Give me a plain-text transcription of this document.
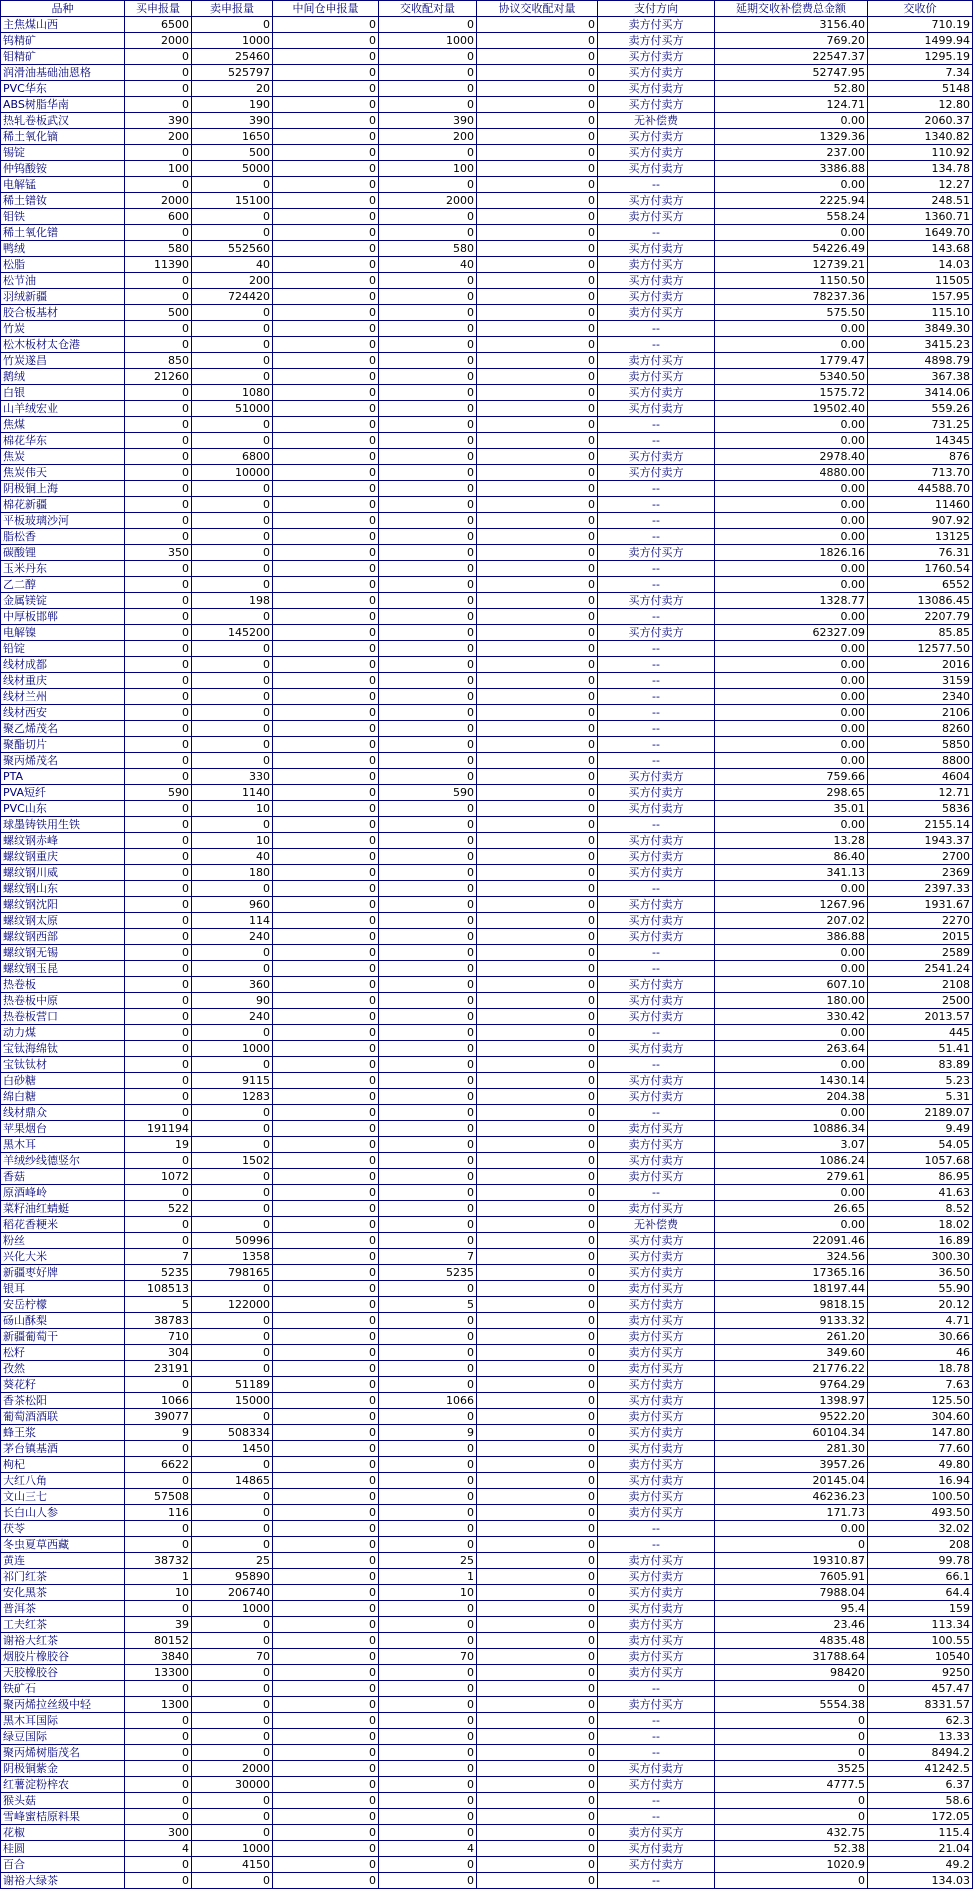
品种	买申报量	卖申报量	中间仓申报量	交收配对量	协议交收配对量	支付方向	延期交收补偿费总金额	交收价
主焦煤山西	6500	0	0	0	0	卖方付买方	3156.40	710.19
钨精矿	2000	1000	0	1000	0	卖方付买方	769.20	1499.94
钼精矿	0	25460	0	0	0	买方付卖方	22547.37	1295.19
润滑油基础油恩格	0	525797	0	0	0	买方付卖方	52747.95	7.34
PVC华东	0	20	0	0	0	买方付卖方	52.80	5148
ABS树脂华南	0	190	0	0	0	买方付卖方	124.71	12.80
热轧卷板武汉	390	390	0	390	0	无补偿费	0.00	2060.37
稀土氧化镝	200	1650	0	200	0	买方付卖方	1329.36	1340.82
锡锭	0	500	0	0	0	买方付卖方	237.00	110.92
仲钨酸铵	100	5000	0	100	0	买方付卖方	3386.88	134.78
电解锰	0	0	0	0	0	--	0.00	12.27
稀土镨钕	2000	15100	0	2000	0	买方付卖方	2225.94	248.51
钼铁	600	0	0	0	0	卖方付买方	558.24	1360.71
稀土氧化镨	0	0	0	0	0	--	0.00	1649.70
鸭绒	580	552560	0	580	0	买方付卖方	54226.49	143.68
松脂	11390	40	0	40	0	卖方付买方	12739.21	14.03
松节油	0	200	0	0	0	买方付卖方	1150.50	11505
羽绒新疆	0	724420	0	0	0	买方付卖方	78237.36	157.95
胶合板基材	500	0	0	0	0	卖方付买方	575.50	115.10
竹炭	0	0	0	0	0	--	0.00	3849.30
松木板材太仓港	0	0	0	0	0	--	0.00	3415.23
竹炭遂昌	850	0	0	0	0	卖方付买方	1779.47	4898.79
鹅绒	21260	0	0	0	0	卖方付买方	5340.50	367.38
白银	0	1080	0	0	0	买方付卖方	1575.72	3414.06
山羊绒宏业	0	51000	0	0	0	买方付卖方	19502.40	559.26
焦煤	0	0	0	0	0	--	0.00	731.25
棉花华东	0	0	0	0	0	--	0.00	14345
焦炭	0	6800	0	0	0	买方付卖方	2978.40	876
焦炭伟天	0	10000	0	0	0	买方付卖方	4880.00	713.70
阴极铜上海	0	0	0	0	0	--	0.00	44588.70
棉花新疆	0	0	0	0	0	--	0.00	11460
平板玻璃沙河	0	0	0	0	0	--	0.00	907.92
脂松香	0	0	0	0	0	--	0.00	13125
碳酸锂	350	0	0	0	0	卖方付买方	1826.16	76.31
玉米丹东	0	0	0	0	0	--	0.00	1760.54
乙二醇	0	0	0	0	0	--	0.00	6552
金属镁锭	0	198	0	0	0	买方付卖方	1328.77	13086.45
中厚板邯郸	0	0	0	0	0	--	0.00	2207.79
电解镍	0	145200	0	0	0	买方付卖方	62327.09	85.85
铅锭	0	0	0	0	0	--	0.00	12577.50
线材成都	0	0	0	0	0	--	0.00	2016
线材重庆	0	0	0	0	0	--	0.00	3159
线材兰州	0	0	0	0	0	--	0.00	2340
线材西安	0	0	0	0	0	--	0.00	2106
聚乙烯茂名	0	0	0	0	0	--	0.00	8260
聚酯切片	0	0	0	0	0	--	0.00	5850
聚丙烯茂名	0	0	0	0	0	--	0.00	8800
PTA	0	330	0	0	0	买方付卖方	759.66	4604
PVA短纤	590	1140	0	590	0	买方付卖方	298.65	12.71
PVC山东	0	10	0	0	0	买方付卖方	35.01	5836
球墨铸铁用生铁	0	0	0	0	0	--	0.00	2155.14
螺纹钢赤峰	0	10	0	0	0	买方付卖方	13.28	1943.37
螺纹钢重庆	0	40	0	0	0	买方付卖方	86.40	2700
螺纹钢川威	0	180	0	0	0	买方付卖方	341.13	2369
螺纹钢山东	0	0	0	0	0	--	0.00	2397.33
螺纹钢沈阳	0	960	0	0	0	买方付卖方	1267.96	1931.67
螺纹钢太原	0	114	0	0	0	买方付卖方	207.02	2270
螺纹钢西部	0	240	0	0	0	买方付卖方	386.88	2015
螺纹钢无锡	0	0	0	0	0	--	0.00	2589
螺纹钢玉昆	0	0	0	0	0	--	0.00	2541.24
热卷板	0	360	0	0	0	买方付卖方	607.10	2108
热卷板中原	0	90	0	0	0	买方付卖方	180.00	2500
热卷板营口	0	240	0	0	0	买方付卖方	330.42	2013.57
动力煤	0	0	0	0	0	--	0.00	445
宝钛海绵钛	0	1000	0	0	0	买方付卖方	263.64	51.41
宝钛钛材	0	0	0	0	0	--	0.00	83.89
白砂糖	0	9115	0	0	0	买方付卖方	1430.14	5.23
绵白糖	0	1283	0	0	0	买方付卖方	204.38	5.31
线材鼎众	0	0	0	0	0	--	0.00	2189.07
苹果烟台	191194	0	0	0	0	卖方付买方	10886.34	9.49
黑木耳	19	0	0	0	0	卖方付买方	3.07	54.05
羊绒纱线德竖尔	0	1502	0	0	0	买方付卖方	1086.24	1057.68
香菇	1072	0	0	0	0	卖方付买方	279.61	86.95
原酒峰岭	0	0	0	0	0	--	0.00	41.63
菜籽油红蜻蜓	522	0	0	0	0	卖方付买方	26.65	8.52
稻花香粳米	0	0	0	0	0	无补偿费	0.00	18.02
粉丝	0	50996	0	0	0	买方付卖方	22091.46	16.89
兴化大米	7	1358	0	7	0	买方付卖方	324.56	300.30
新疆枣好牌	5235	798165	0	5235	0	买方付卖方	17365.16	36.50
银耳	108513	0	0	0	0	卖方付买方	18197.44	55.90
安岳柠檬	5	122000	0	5	0	买方付卖方	9818.15	20.12
砀山酥梨	38783	0	0	0	0	卖方付买方	9133.32	4.71
新疆葡萄干	710	0	0	0	0	卖方付买方	261.20	30.66
松籽	304	0	0	0	0	卖方付买方	349.60	46
孜然	23191	0	0	0	0	卖方付买方	21776.22	18.78
葵花籽	0	51189	0	0	0	买方付卖方	9764.29	7.63
香茶松阳	1066	15000	0	1066	0	买方付卖方	1398.97	125.50
葡萄酒酒联	39077	0	0	0	0	卖方付买方	9522.20	304.60
蜂王浆	9	508334	0	9	0	买方付卖方	60104.34	147.80
茅台镇基酒	0	1450	0	0	0	买方付卖方	281.30	77.60
枸杞	6622	0	0	0	0	卖方付买方	3957.26	49.80
大红八角	0	14865	0	0	0	买方付卖方	20145.04	16.94
文山三七	57508	0	0	0	0	卖方付买方	46236.23	100.50
长白山人参	116	0	0	0	0	卖方付买方	171.73	493.50
茯苓	0	0	0	0	0	--	0.00	32.02
冬虫夏草西藏	0	0	0	0	0	--	0	208
黄连	38732	25	0	25	0	卖方付买方	19310.87	99.78
祁门红茶	1	95890	0	1	0	买方付卖方	7605.91	66.1
安化黑茶	10	206740	0	10	0	买方付卖方	7988.04	64.4
普洱茶	0	1000	0	0	0	买方付卖方	95.4	159
工夫红茶	39	0	0	0	0	卖方付买方	23.46	113.34
谢裕大红茶	80152	0	0	0	0	卖方付买方	4835.48	100.55
烟胶片橡胶谷	3840	70	0	70	0	卖方付买方	31788.64	10540
天胶橡胶谷	13300	0	0	0	0	卖方付买方	98420	9250
铁矿石	0	0	0	0	0	--	0	457.47
聚丙烯拉丝级中轻	1300	0	0	0	0	卖方付买方	5554.38	8331.57
黑木耳国际	0	0	0	0	0	--	0	62.3
绿豆国际	0	0	0	0	0	--	0	13.33
聚丙烯树脂茂名	0	0	0	0	0	--	0	8494.2
阴极铜紫金	0	2000	0	0	0	买方付卖方	3525	41242.5
红薯淀粉梓农	0	30000	0	0	0	买方付卖方	4777.5	6.37
猴头菇	0	0	0	0	0	--	0	58.6
雪峰蜜桔原料果	0	0	0	0	0	--	0	172.05
花椒	300	0	0	0	0	卖方付买方	432.75	115.4
桂圆	4	1000	0	4	0	买方付卖方	52.38	21.04
百合	0	4150	0	0	0	买方付卖方	1020.9	49.2
谢裕大绿茶	0	0	0	0	0	--	0	134.03
